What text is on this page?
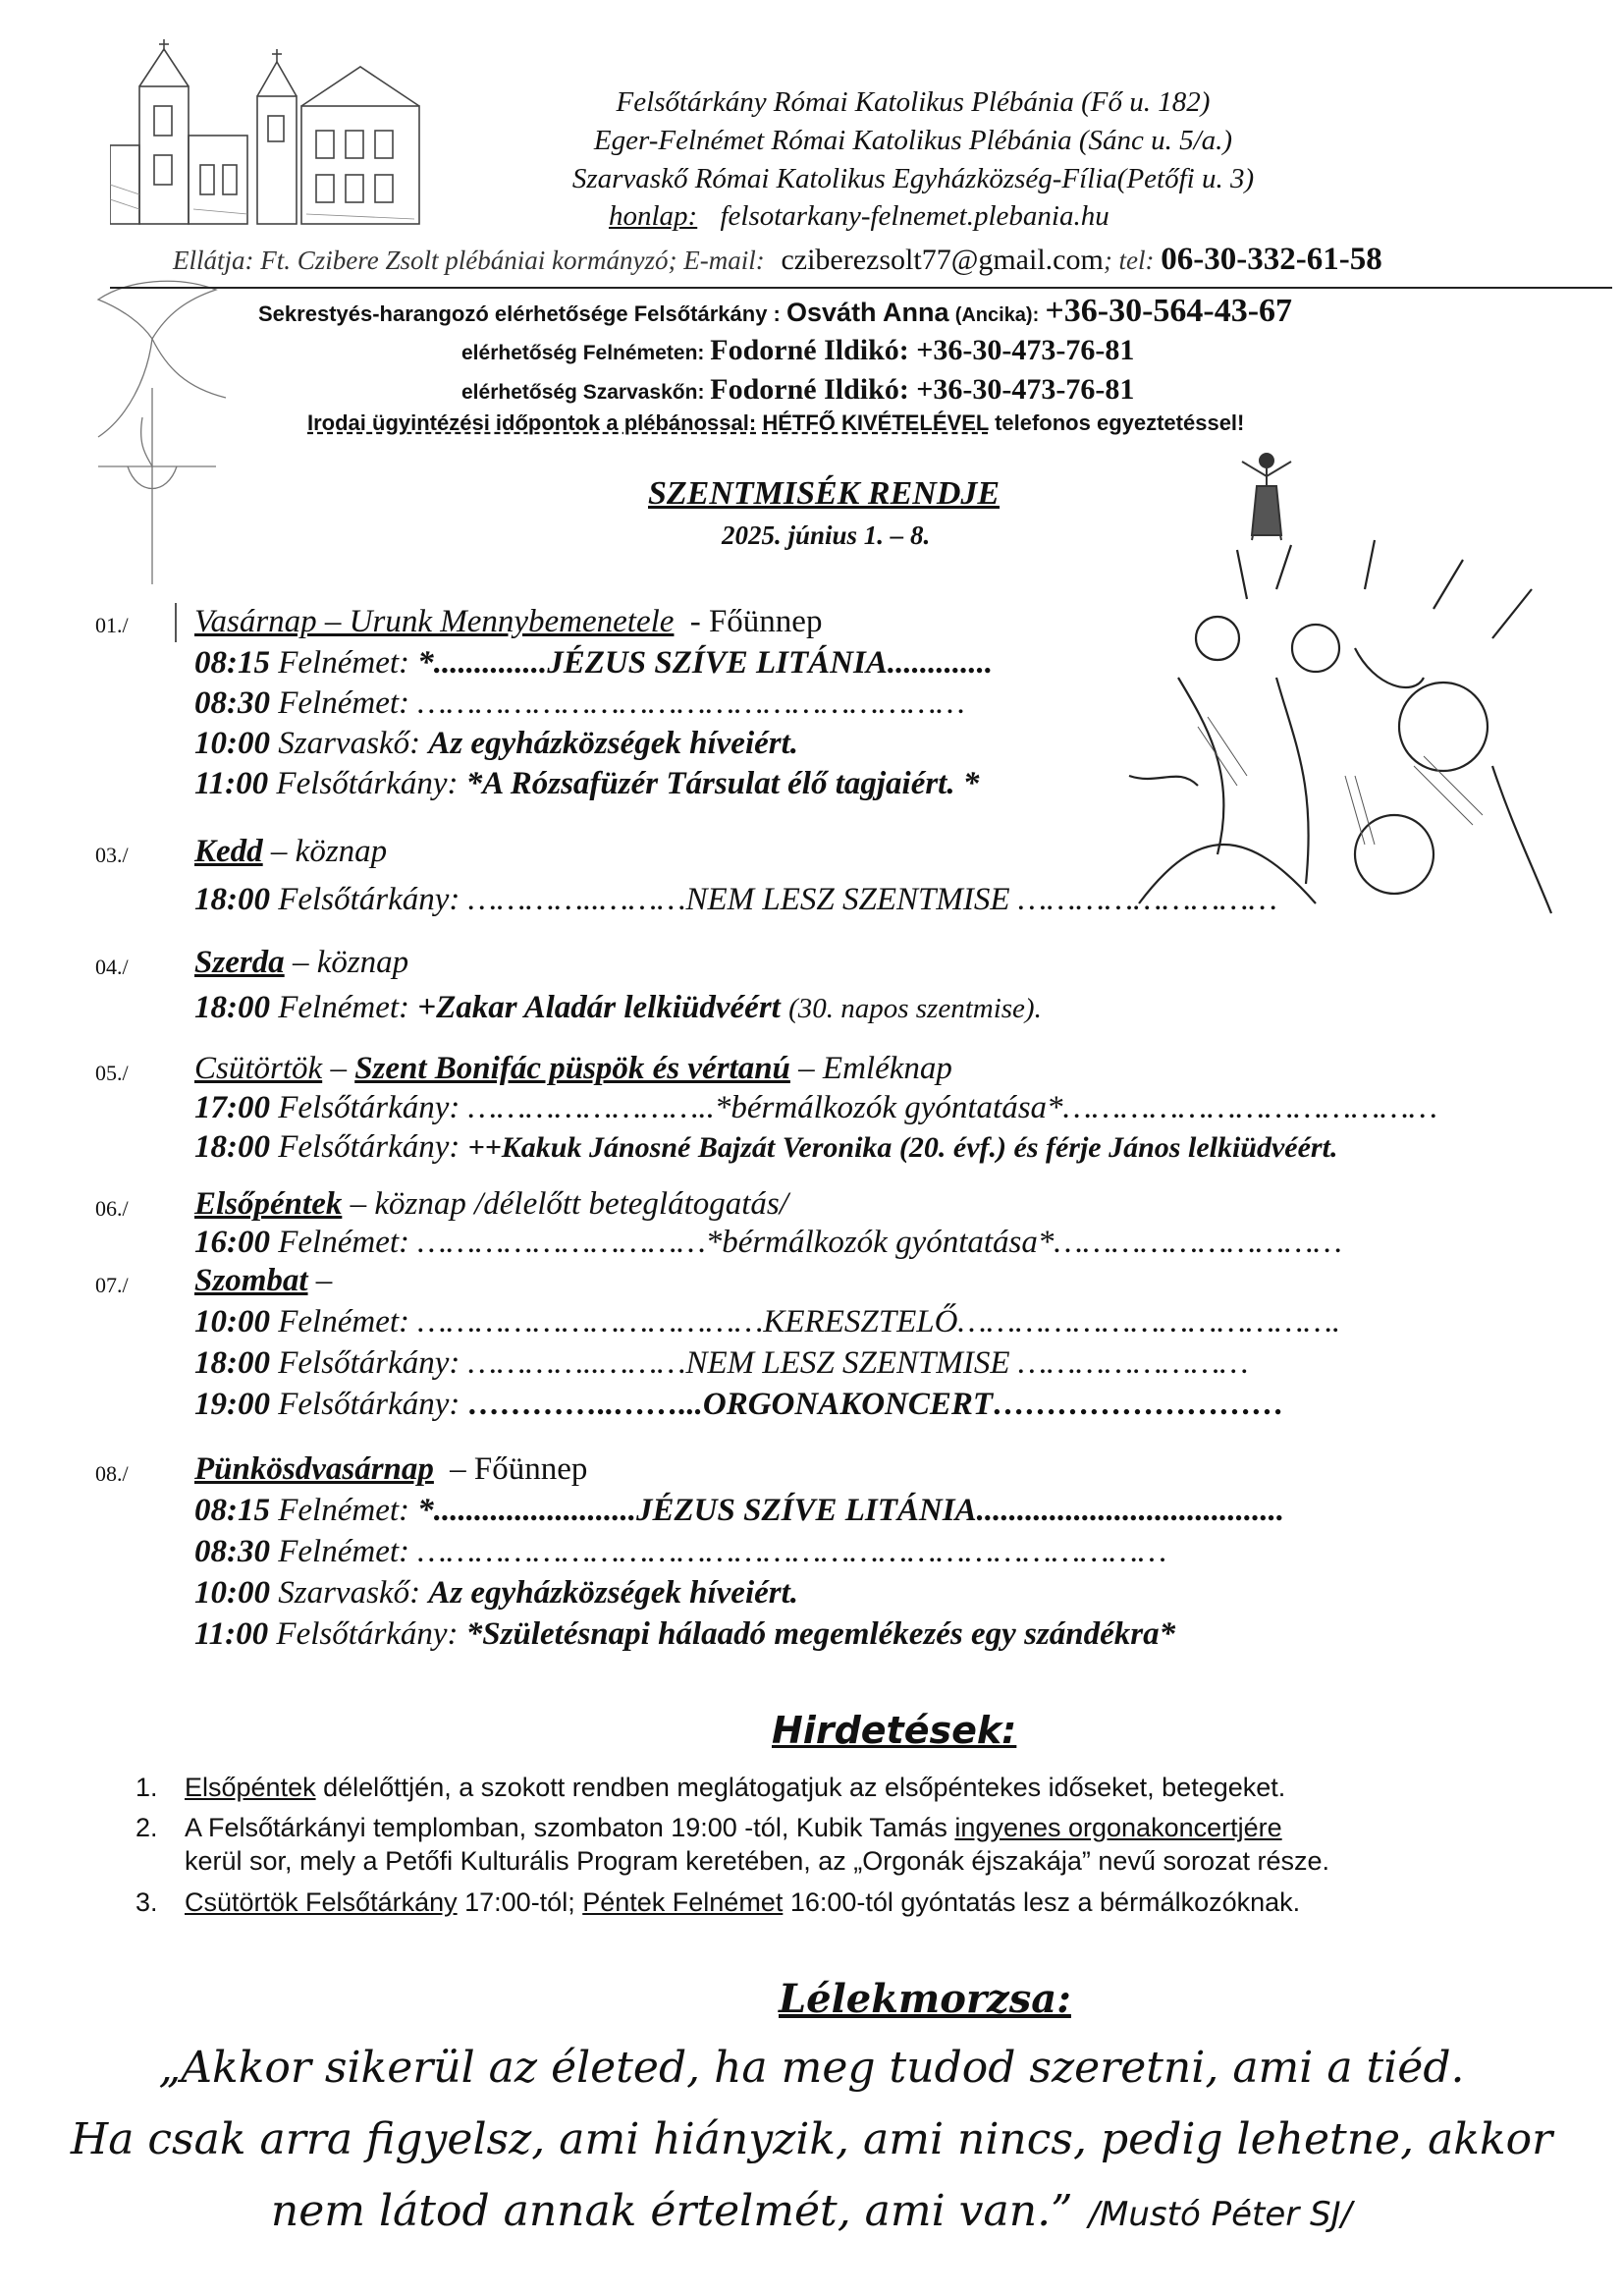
Felsőtárkány Római Katolikus Plébánia (Fő u. 182)
Eger-Felnémet Római Katolikus Plébánia (Sánc u. 5/a.)
Szarvaskő Római Katolikus Egyházközség-Fília(Petőfi u. 3)
honlap: felsotarkany-felnemet.plebania.hu
Ellátja: Ft. Czibere Zsolt plébániai kormányzó; E-mail: cziberezsolt77@gmail.com; tel: 06-30-332-61-58
Sekrestyés-harangozó elérhetősége Felsőtárkány : Osváth Anna (Ancika): +36-30-564-43-67
elérhetőség Felnémeten: Fodorné Ildikó: +36-30-473-76-81
elérhetőség Szarvaskőn: Fodorné Ildikó: +36-30-473-76-81
Irodai ügyintézési időpontok a plébánossal: HÉTFŐ KIVÉTELÉVEL telefonos egyeztetéssel!
SZENTMISÉK RENDJE
2025. június 1. – 8.
01./ Vasárnap – Urunk Mennybemenetele - Főünnep
08:15 Felnémet: *..............JÉZUS SZÍVE LITÁNIA.............
08:30 Felnémet: …………………………………………………
10:00 Szarvaskő: Az egyházközségek híveiért.
11:00 Felsőtárkány: *A Rózsafüzér Társulat élő tagjaiért. *
03./ Kedd – köznap
18:00 Felsőtárkány: …………..………NEM LESZ SZENTMISE ………………………
04./ Szerda – köznap
18:00 Felnémet: +Zakar Aladár lelkiüdvéért (30. napos szentmise).
05./ Csütörtök – Szent Bonifác püspök és vértanú – Emléknap
17:00 Felsőtárkány: ……………………..*bérmálkozók gyóntatása*…………………………………
18:00 Felsőtárkány: ++Kakuk Jánosné Bajzát Veronika (20. évf.) és férje János lelkiüdvéért.
06./ Elsőpéntek – köznap /délelőtt beteglátogatás/
16:00 Felnémet: …………………………*bérmálkozók gyóntatása*…………………………
07./ Szombat –
10:00 Felnémet: ………………………………KERESZTELŐ………………………………….
18:00 Felsőtárkány: …………..………NEM LESZ SZENTMISE ……………………
19:00 Felsőtárkány: …………..……...ORGONAKONCERT………………………
08./ Pünkösdvasárnap – Főünnep
08:15 Felnémet: *.........................JÉZUS SZÍVE LITÁNIA......................................
08:30 Felnémet: ……………………………………………………………………
10:00 Szarvaskő: Az egyházközségek híveiért.
11:00 Felsőtárkány: *Születésnapi hálaadó megemlékezés egy szándékra*
Hirdetések:
1. Elsőpéntek délelőttjén, a szokott rendben meglátogatjuk az elsőpéntekes időseket, betegeket.
2. A Felsőtárkányi templomban, szombaton 19:00 -tól, Kubik Tamás ingyenes orgonakoncertjére
kerül sor, mely a Petőfi Kulturális Program keretében, az „Orgonák éjszakája” nevű sorozat része.
3. Csütörtök Felsőtárkány 17:00-tól; Péntek Felnémet 16:00-tól gyóntatás lesz a bérmálkozóknak.
Lélekmorzsa:
„Akkor sikerül az életed, ha meg tudod szeretni, ami a tiéd.
Ha csak arra figyelsz, ami hiányzik, ami nincs, pedig lehetne, akkor
nem látod annak értelmét, ami van.” /Mustó Péter SJ/
